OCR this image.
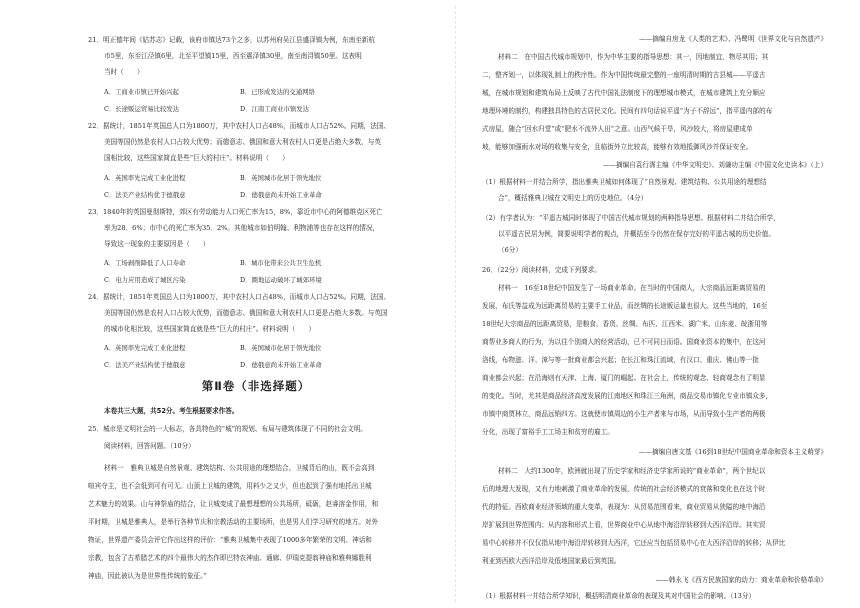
21．明正德年间《姑苏志》记载，该府市镇达73个之多，以苏州府吴江县盛泽镇为例，东南至新杭
市5里，东至江泾镇6里，北至平望镇15里，西至震泽镇30里，南至南浔镇50里。这表明
当时（　　）
A．工商业市镇已开始兴起	B．已形成发达的交通网络
C．长途贩运贸易比较发达	D．江南工商业市镇发达
22．据统计，1851年英国总人口为1800万，其中农村人口占48%，而城市人口占52%。同期，法国、
美国等国仍然是农村人口占较大优势；而德意志、俄国和意大利农村人口更是占绝大多数，与英
国相比较，这些国家简直是些“巨大的村庄”。材料说明（　　）
A．英国率先完成工业化进程	B．英国城市化居于领先地位
C．法美产业结构优于德俄意	D．德俄意尚未开始工业革命
23．1840年的英国曼彻斯特，郊区有劳动能力人口死亡率为15，8%，靠近市中心的阿德维克区死亡
率为28．6%；市中心的死亡率为35．2%。其他城市如伯明翰、利物浦等也存在这样的情况，
导致这一现象的主要原因是（　　）
A．工场剥削降低了人口寿命	B．城市化带来公共卫生危机
C．电力应用造成了城区污染	D．圈地运动破坏了城郊环境
24．据统计，1851年英国总人口为1800万，其中农村人口占48%，而城市人口占52%。同期，法国、
美国等国仍然是农村人口占较大优势，而德意志、俄国和意大利农村人口更是占绝大多数。与英国
的城市化相比较，这些国家简直就是些“巨大的村庄”。材料说明（　　）
A．英国率先完成工业化进程	B．英国城市化居于领先地位
C．法美产业结构优于德俄意	D．德俄意尚未开始工业革命
第Ⅱ卷（非选择题）
本卷共三大题，共52分。考生根据要求作答。
25．城市是文明社会的一大标志，各具特色的“城”的规划、布局与建筑体现了不同的社会文明。
阅读材料，回答问题。（10分）
材料一　雅典卫城是自然景观、建筑结构、公共用途的理想结合。卫城背后的山，既不会高到
喧宾夺主，也不会低到可有可无。山顶上卫城的建筑，用料少之又少，但也起到了强有地托出卫城
艺术魅力的效果。山与神祭庙的结合，让卫城变成了最想理想的公共场所，砥砺，赵睿溶金作用，和
平时期，卫城是雅典人，是举行各种节庆和宗教活动的主要场所，也是男人们学习研究的地方。对外
物证，世界遗产委员会评它作出这样的评价：“雅典卫城集中表现了1000多年繁荣的文明、神话和
宗教，包含了古希腊艺术的四个最伟大的杰作即巴特农神庙、通廊、伊瑞克提翁神庙和雅典娜胜利
神庙，因此被认为是世界性传统的象征。”
——摘编自房龙《人类的艺术》、冯鹭明《世界文化与自然遗产》
材料二　在中国古代城市规划中，作为中华主要的指导思想：其一，因地制宜，物尽其用；其
二，整齐划一，以体现礼制上的秩序性。作为中国传统最完整的一座明清时期的古县城——平遥古
城，在城市规划和建筑布局上反映了古代中国礼法制度下的理想城市模式，在城市建筑上充分顺应
地理环境的制约，构建独具特色的古居民文化。民间有四句话说平遥“为子不辞远”，指平遥内部的布
式房屋，随合“回水归堂”或“肥水不流外人田”之意。山西气候干旱，风沙较大，将房屋建成单
坡，能够加强雨水对场的收集与安全，且临街外立比较高，能够有效地抵御风沙并保证安全。
——摘编自袁行霈主编《中华文明史》、刘谦功主编《中国文化史读本》（上）
（1）根据材料一并结合所学，指出雅典卫城如何体现了“自然景观、建筑结构、公共用途的理想结
合”，概括雅典卫城在文明史上的历史地位。（4分）
（2）有学者认为：“平遥古城同时体现了中国古代城市规划的两种指导思想。根据材料二并结合所学，
以平遥古民居为例，简要说明学者的观点，并概括至今仍然在保存完好的平遥古城的历史价值。
（6分）
26．（22分）阅读材料，完成下列要求。
材料一　16至18世纪中国发生了一场商业革命。在当时的中国商人，大宗商品远距离贸易的
发展，布氏等益成为远距离贸易的主要手工业品，而丝绸的长途贩运量也很大。这些当地的，16至
18世纪大宗商品的远距离贸易，是粮食、香货、丝绸、布匹、江西米、湖广米、山东麦、皖浙用等
商帮业多商人的行为，为以往个别商人的经营活动，已不可同日而语。国商业资本的集中，在这河
洛线，布物滋、洋、漳与等一批商业都会兴起；在长江和珠江流域，有汉口、重庆、佛山等一批
商业都会兴起；在沿海则有天津、上海、厦门的崛起。在社会上，传统的观念、轻商观念有了明显
的变化。当时，尤其是商品经济高度发展的江南地区和珠江三角洲，商品交易市镇化专业市镇众多，
市镇中商贾林立，商品远销四方。这就使市镇周边的小生产者来与市场，从而导致小生产者的两极
分化，出现了富裕手工工场主和贫穷的雇工。
——摘编自唐文基《16到18世纪中国商业革命和资本主义萌芽》
材料二　大约1300年，欧洲就出现了历史学家和经济史学家所说的“商业革命”，两个世纪以
后的地理大发现，又有力地刺激了商业革命的发展，传统的社会经济模式的衰落和变化也在这个时
代的特征。西欧商业经济领域的重大变革，表现为：从贸易范围看来，商业贸易从狭隘的地中海沿
岸扩展到世界范围内；从内容和形式上看，世界商业中心从地中海沿岸转移到大西洋沿岸。其实贸
易中心转移并不仅仅指从地中海沿岸转移到大西洋，它还应当包括贸易中心在大西洋沿岸的转移；从伊比
利亚到西欧大西洋沿岸及低地国家最后到英国。
——韩永飞《西方民族国家的动力：商业革命和价格革命》
（1）根据材料一并结合所学知识，概括明清商业革命的表现及其对中国社会的影响。（13分）
